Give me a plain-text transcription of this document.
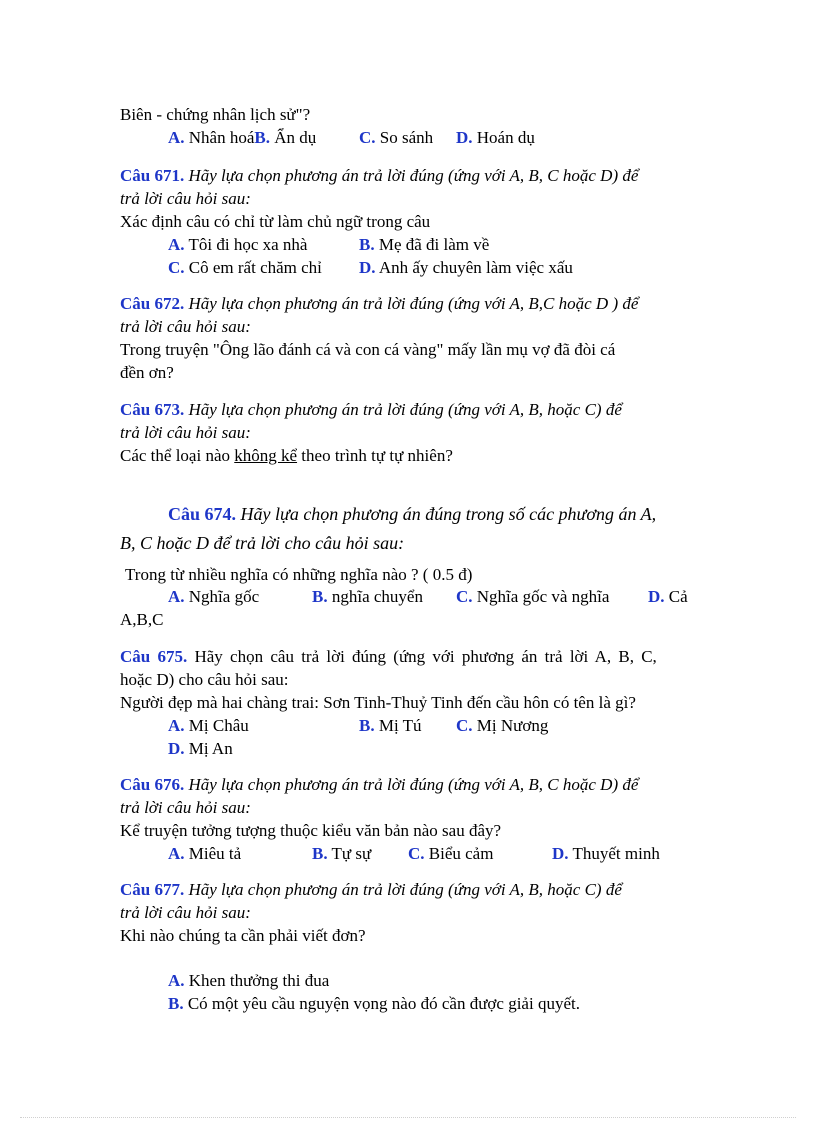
Biên - chứng nhân lịch sử"?
A. Nhân hoáB. Ẩn dụ	C. So sánh D. Hoán dụ
Câu 671. Hãy lựa chọn phương án trả lời đúng (ứng với A, B, C hoặc D) để
trả lời câu hỏi sau:
Xác định câu có chỉ từ làm chủ ngữ trong câu
A. Tôi đi học xa nhà	B. Mẹ đã đi làm về
C. Cô em rất chăm chỉ D. Anh ấy chuyên làm việc xấu
Câu 672. Hãy lựa chọn phương án trả lời đúng (ứng với A, B,C hoặc D ) để
trả lời câu hỏi sau:
Trong truyện "Ông lão đánh cá và con cá vàng" mấy lần mụ vợ đã đòi cá
đền ơn?
Câu 673. Hãy lựa chọn phương án trả lời đúng (ứng với A, B, hoặc C) để
trả lời câu hỏi sau:
Các thể loại nào không kể theo trình tự tự nhiên?
Câu 674. Hãy lựa chọn phương án đúng trong số các phương án A,
B, C hoặc D để trả lời cho câu hỏi sau:
Trong từ nhiều nghĩa có những nghĩa nào ? ( 0.5 đ)
A. Nghĩa gốc	B. nghĩa chuyển C. Nghĩa gốc và nghĩa D. Cả
A,B,C
Câu 675. Hãy chọn câu trả lời đúng (ứng với phương án trả lời A, B, C,
hoặc D) cho câu hỏi sau:
Người đẹp mà hai chàng trai: Sơn Tinh-Thuỷ Tinh đến cầu hôn có tên là gì?
A. Mị Châu	B. Mị Tú C. Mị Nương
D. Mị An
Câu 676. Hãy lựa chọn phương án trả lời đúng (ứng với A, B, C hoặc D) để
trả lời câu hỏi sau:
Kể truyện tưởng tượng thuộc kiểu văn bản nào sau đây?
A. Miêu tả	B. Tự sự C. Biểu cảm	D. Thuyết minh
Câu 677. Hãy lựa chọn phương án trả lời đúng (ứng với A, B, hoặc C) để
trả lời câu hỏi sau:
Khi nào chúng ta cần phải viết đơn?
A. Khen thưởng thi đua
B. Có một yêu cầu nguyện vọng nào đó cần được giải quyết.
